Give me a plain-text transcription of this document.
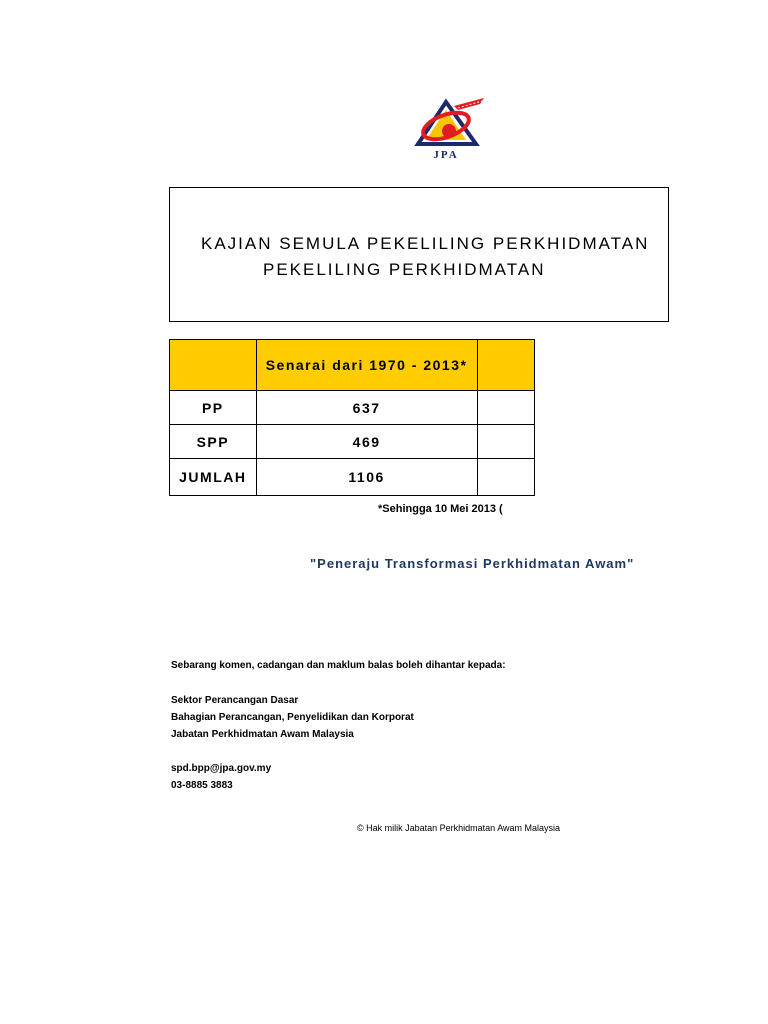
JPA
KAJIAN SEMULA PEKELILING PERKHIDMATAN
PEKELILING PERKHIDMATAN
	Senarai dari 1970 - 2013*	
PP	637	
SPP	469	
JUMLAH	1106	
*Sehingga 10 Mei 2013 (
"Peneraju Transformasi Perkhidmatan Awam"
Sebarang komen, cadangan dan maklum balas boleh dihantar kepada:
Sektor Perancangan Dasar
Bahagian Perancangan, Penyelidikan dan Korporat
Jabatan Perkhidmatan Awam Malaysia
spd.bpp@jpa.gov.my
03-8885 3883
© Hak milik Jabatan Perkhidmatan Awam Malaysia
